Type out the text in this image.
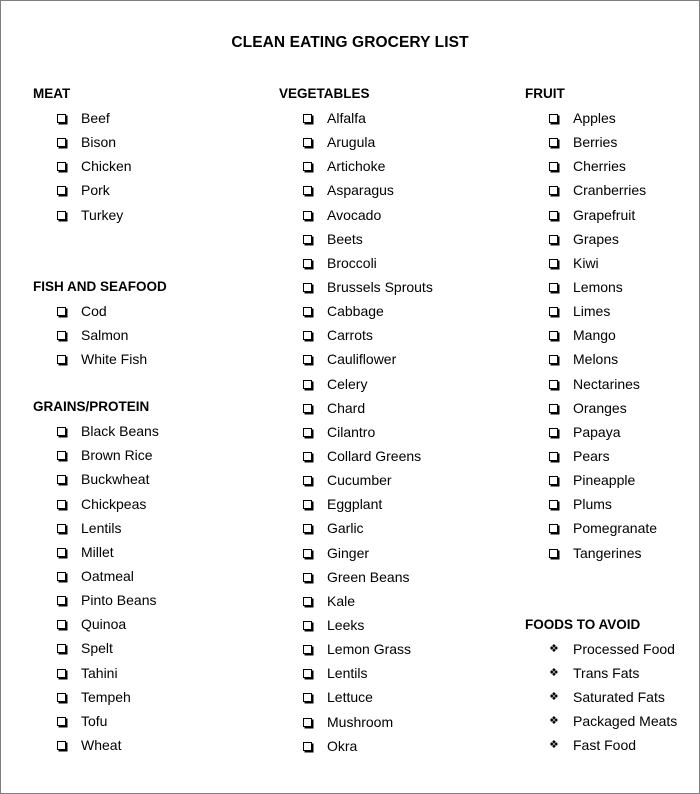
CLEAN EATING GROCERY LIST
MEAT
Beef
Bison
Chicken
Pork
Turkey
FISH AND SEAFOOD
Cod
Salmon
White Fish
GRAINS/PROTEIN
Black Beans
Brown Rice
Buckwheat
Chickpeas
Lentils
Millet
Oatmeal
Pinto Beans
Quinoa
Spelt
Tahini
Tempeh
Tofu
Wheat
VEGETABLES
Alfalfa
Arugula
Artichoke
Asparagus
Avocado
Beets
Broccoli
Brussels Sprouts
Cabbage
Carrots
Cauliflower
Celery
Chard
Cilantro
Collard Greens
Cucumber
Eggplant
Garlic
Ginger
Green Beans
Kale
Leeks
Lemon Grass
Lentils
Lettuce
Mushroom
Okra
FRUIT
Apples
Berries
Cherries
Cranberries
Grapefruit
Grapes
Kiwi
Lemons
Limes
Mango
Melons
Nectarines
Oranges
Papaya
Pears
Pineapple
Plums
Pomegranate
Tangerines
FOODS TO AVOID
❖ Processed Food
❖ Trans Fats
❖ Saturated Fats
❖ Packaged Meats
❖ Fast Food
